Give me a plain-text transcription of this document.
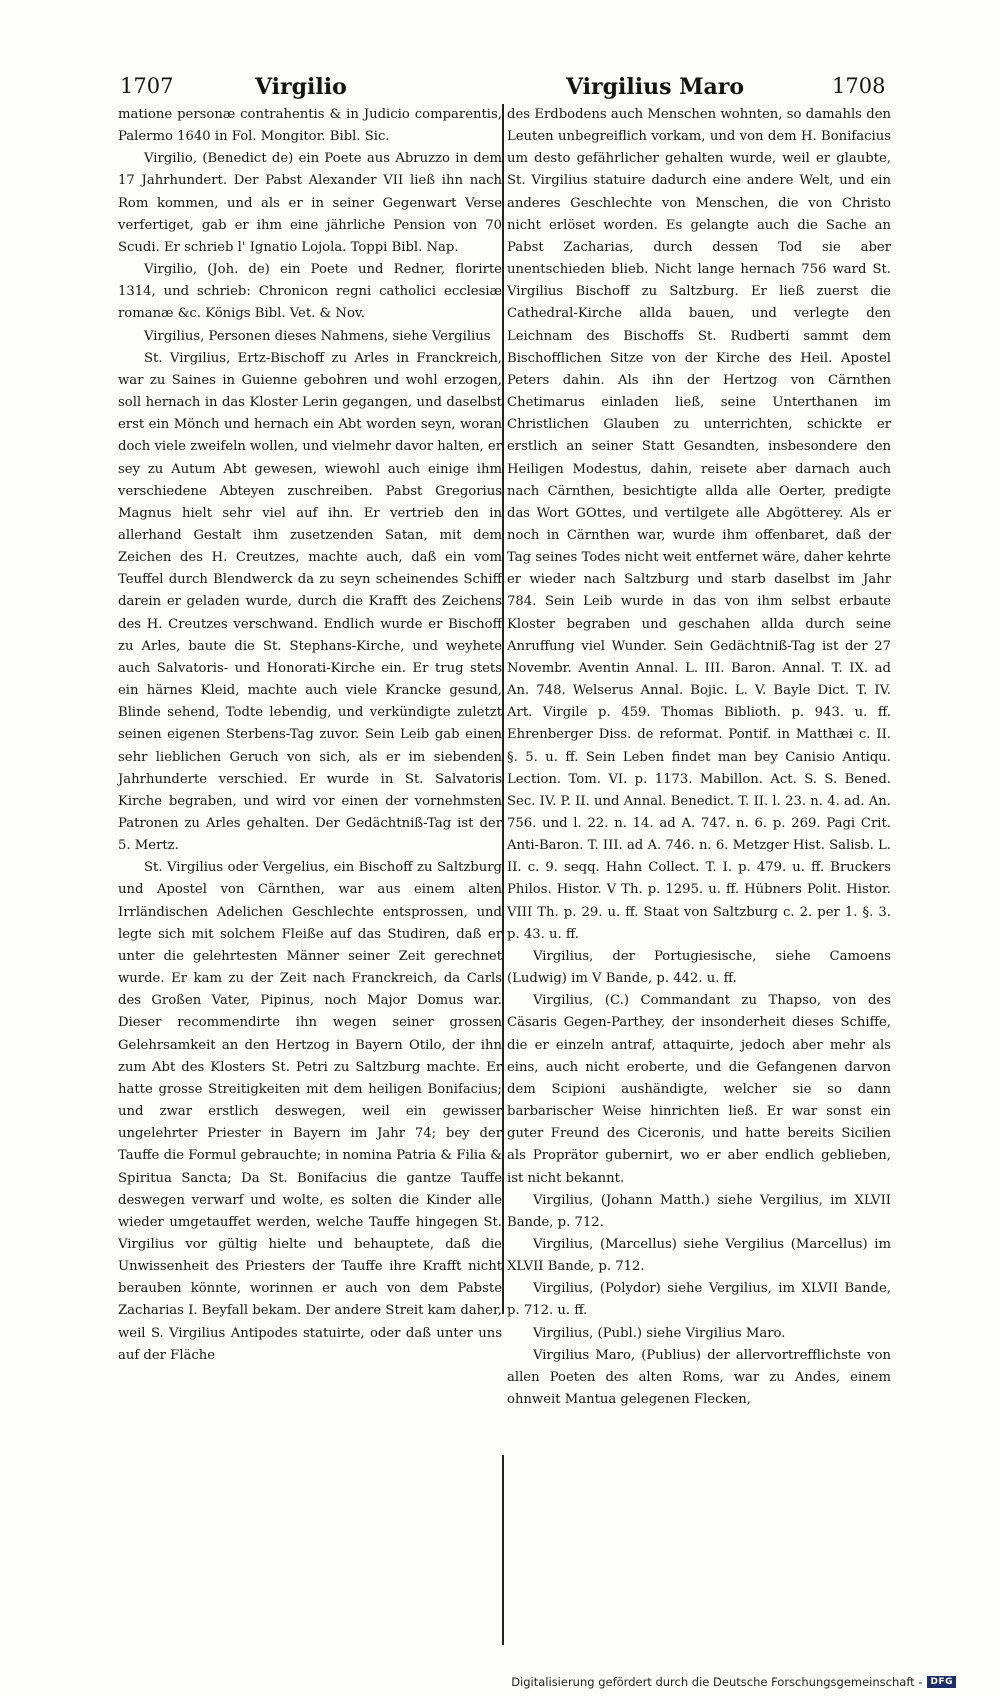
1707	Virgilio	Virgilius Maro	1708

matione personæ contrahentis & in Judicio comparentis, Palermo 1640 in Fol. Mongitor. Bibl. Sic.

Virgilio, (Benedict de) ein Poete aus Abruzzo in dem 17 Jahrhundert. Der Pabst Alexander VII ließ ihn nach Rom kommen, und als er in seiner Gegenwart Verse verfertiget, gab er ihm eine jährliche Pension von 70 Scudi. Er schrieb l' Ignatio Lojola. Toppi Bibl. Nap.

Virgilio, (Joh. de) ein Poete und Redner, florirte 1314, und schrieb: Chronicon regni catholici ecclesiæ romanæ &c. Königs Bibl. Vet. & Nov.

Virgilius, Personen dieses Nahmens, siehe Vergilius

St. Virgilius, Ertz-Bischoff zu Arles in Franckreich, war zu Saines in Guienne gebohren und wohl erzogen, soll hernach in das Kloster Lerin gegangen, und daselbst erst ein Mönch und hernach ein Abt worden seyn, woran doch viele zweifeln wollen, und vielmehr davor halten, er sey zu Autum Abt gewesen, wiewohl auch einige ihm verschiedene Abteyen zuschreiben. Pabst Gregorius Magnus hielt sehr viel auf ihn. Er vertrieb den in allerhand Gestalt ihm zusetzenden Satan, mit dem Zeichen des H. Creutzes, machte auch, daß ein vom Teuffel durch Blendwerck da zu seyn scheinendes Schiff darein er geladen wurde, durch die Krafft des Zeichens des H. Creutzes verschwand. Endlich wurde er Bischoff zu Arles, baute die St. Stephans-Kirche, und weyhete auch Salvatoris- und Honorati-Kirche ein. Er trug stets ein härnes Kleid, machte auch viele Krancke gesund, Blinde sehend, Todte lebendig, und verkündigte zuletzt seinen eigenen Sterbens-Tag zuvor. Sein Leib gab einen sehr lieblichen Geruch von sich, als er im siebenden Jahrhunderte verschied. Er wurde in St. Salvatoris Kirche begraben, und wird vor einen der vornehmsten Patronen zu Arles gehalten. Der Gedächtniß-Tag ist der 5. Mertz.

St. Virgilius oder Vergelius, ein Bischoff zu Saltzburg und Apostel von Cärnthen, war aus einem alten Irrländischen Adelichen Geschlechte entsprossen, und legte sich mit solchem Fleiße auf das Studiren, daß er unter die gelehrtesten Männer seiner Zeit gerechnet wurde. Er kam zu der Zeit nach Franckreich, da Carls des Großen Vater, Pipinus, noch Major Domus war. Dieser recommendirte ihn wegen seiner grossen Gelehrsamkeit an den Hertzog in Bayern Otilo, der ihn zum Abt des Klosters St. Petri zu Saltzburg machte. Er hatte grosse Streitigkeiten mit dem heiligen Bonifacius; und zwar erstlich deswegen, weil ein gewisser ungelehrter Priester in Bayern im Jahr 74; bey der Tauffe die Formul gebrauchte; in nomina Patria & Filia & Spiritua Sancta; Da St. Bonifacius die gantze Tauffe deswegen verwarf und wolte, es solten die Kinder alle wieder umgetauffet werden, welche Tauffe hingegen St. Virgilius vor gültig hielte und behauptete, daß die Unwissenheit des Priesters der Tauffe ihre Krafft nicht berauben könnte, worinnen er auch von dem Pabste Zacharias I. Beyfall bekam. Der andere Streit kam daher, weil S. Virgilius Antipodes statuirte, oder daß unter uns auf der Fläche

des Erdbodens auch Menschen wohnten, so damahls den Leuten unbegreiflich vorkam, und von dem H. Bonifacius um desto gefährlicher gehalten wurde, weil er glaubte, St. Virgilius statuire dadurch eine andere Welt, und ein anderes Geschlechte von Menschen, die von Christo nicht erlöset worden. Es gelangte auch die Sache an Pabst Zacharias, durch dessen Tod sie aber unentschieden blieb. Nicht lange hernach 756 ward St. Virgilius Bischoff zu Saltzburg. Er ließ zuerst die Cathedral-Kirche allda bauen, und verlegte den Leichnam des Bischoffs St. Rudberti sammt dem Bischofflichen Sitze von der Kirche des Heil. Apostel Peters dahin. Als ihn der Hertzog von Cärnthen Chetimarus einladen ließ, seine Unterthanen im Christlichen Glauben zu unterrichten, schickte er erstlich an seiner Statt Gesandten, insbesondere den Heiligen Modestus, dahin, reisete aber darnach auch nach Cärnthen, besichtigte allda alle Oerter, predigte das Wort GOttes, und vertilgete alle Abgötterey. Als er noch in Cärnthen war, wurde ihm offenbaret, daß der Tag seines Todes nicht weit entfernet wäre, daher kehrte er wieder nach Saltzburg und starb daselbst im Jahr 784. Sein Leib wurde in das von ihm selbst erbaute Kloster begraben und geschahen allda durch seine Anruffung viel Wunder. Sein Gedächtniß-Tag ist der 27 Novembr. Aventin Annal. L. III. Baron. Annal. T. IX. ad An. 748. Welserus Annal. Bojic. L. V. Bayle Dict. T. IV. Art. Virgile p. 459. Thomas Biblioth. p. 943. u. ff. Ehrenberger Diss. de reformat. Pontif. in Matthæi c. II. §. 5. u. ff. Sein Leben findet man bey Canisio Antiqu. Lection. Tom. VI. p. 1173. Mabillon. Act. S. S. Bened. Sec. IV. P. II. und Annal. Benedict. T. II. l. 23. n. 4. ad. An. 756. und l. 22. n. 14. ad A. 747. n. 6. p. 269. Pagi Crit. Anti-Baron. T. III. ad A. 746. n. 6. Metzger Hist. Salisb. L. II. c. 9. seqq. Hahn Collect. T. I. p. 479. u. ff. Bruckers Philos. Histor. V Th. p. 1295. u. ff. Hübners Polit. Histor. VIII Th. p. 29. u. ff. Staat von Saltzburg c. 2. per 1. §. 3. p. 43. u. ff.

Virgilius, der Portugiesische, siehe Camoens (Ludwig) im V Bande, p. 442. u. ff.

Virgilius, (C.) Commandant zu Thapso, von des Cäsaris Gegen-Parthey, der insonderheit dieses Schiffe, die er einzeln antraf, attaquirte, jedoch aber mehr als eins, auch nicht eroberte, und die Gefangenen darvon dem Scipioni aushändigte, welcher sie so dann barbarischer Weise hinrichten ließ. Er war sonst ein guter Freund des Ciceronis, und hatte bereits Sicilien als Proprätor gubernirt, wo er aber endlich geblieben, ist nicht bekannt.

Virgilius, (Johann Matth.) siehe Vergilius, im XLVII Bande, p. 712.

Virgilius, (Marcellus) siehe Vergilius (Marcellus) im XLVII Bande, p. 712.

Virgilius, (Polydor) siehe Vergilius, im XLVII Bande, p. 712. u. ff.

Virgilius, (Publ.) siehe Virgilius Maro.

Virgilius Maro, (Publius) der allervortrefflichste von allen Poeten des alten Roms, war zu Andes, einem ohnweit Mantua gelegenen Flecken,

Digitalisierung gefördert durch die Deutsche Forschungsgemeinschaft - DFG
